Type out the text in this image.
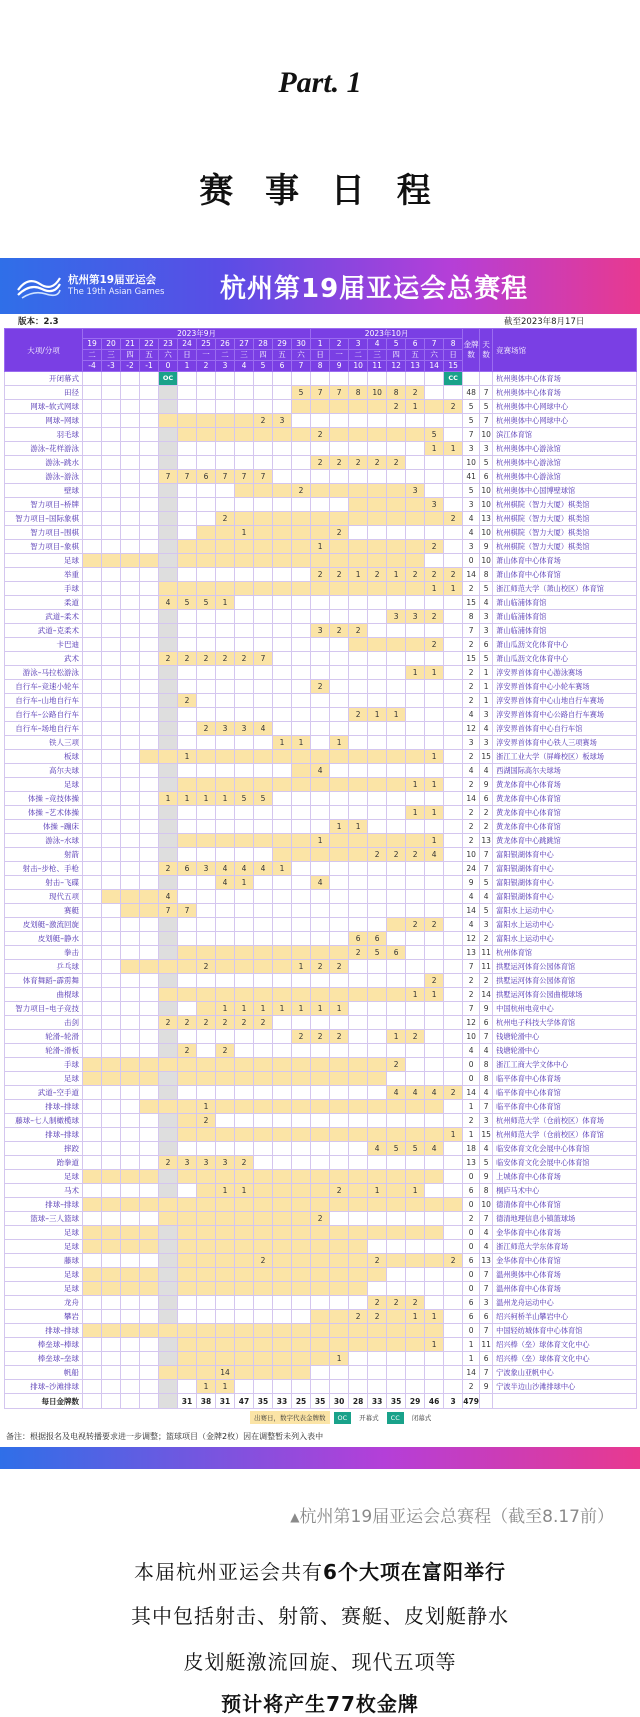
Part. 1
赛 事 日 程
杭州第19届亚运会
The 19th Asian Games 杭州第19届亚运会总赛程
版本：2.3	截至2023年8月17日
大项/分项	2023年9月												2023年10月								金牌数	天数	竞赛场馆
	19	20	21	22	23	24	25	26	27	28	29	30	1	2	3	4	5	6	7	8			
	二	三	四	五	六	日	一	二	三	四	五	六	日	一	二	三	四	五	六	日			
	-4	-3	-2	-1	0	1	2	3	4	5	6	7	8	9	10	11	12	13	14	15			
开闭幕式					OC															CC			杭州奥体中心体育场
田径												5	7	7	8	10	8	2			48	7	杭州奥体中心体育场
网球–软式网球																	2	1		2	5	5	杭州奥体中心网球中心
网球–网球										2	3										5	7	杭州奥体中心网球中心
羽毛球													2						5		7	10	滨江体育馆
游泳–花样游泳																			1	1	3	3	杭州奥体中心游泳馆
游泳–跳水													2	2	2	2	2				10	5	杭州奥体中心游泳馆
游泳–游泳					7	7	6	7	7	7											41	6	杭州奥体中心游泳馆
壁球												2						3			5	10	杭州奥体中心国博壁球馆
智力项目–桥牌																			3		3	10	杭州棋院（智力大厦）棋类馆
智力项目–国际象棋								2												2	4	13	杭州棋院（智力大厦）棋类馆
智力项目–围棋									1					2							4	10	杭州棋院（智力大厦）棋类馆
智力项目–象棋													1						2		3	9	杭州棋院（智力大厦）棋类馆
足球																					0	10	萧山体育中心体育场
举重													2	2	1	2	1	2	2	2	14	8	萧山体育中心体育馆
手球																			1	1	2	5	浙江师范大学（萧山校区）体育馆
柔道					4	5	5	1													15	4	萧山临浦体育馆
武道–柔术																	3	3	2		8	3	萧山临浦体育馆
武道–克柔术													3	2	2						7	3	萧山临浦体育馆
卡巴迪																			2		2	6	萧山瓜沥文化体育中心
武术					2	2	2	2	2	7											15	5	萧山瓜沥文化体育中心
游泳–马拉松游泳																		1	1		2	1	淳安界首体育中心游泳赛场
自行车–竞速小轮车													2								2	1	淳安界首体育中心小轮车赛场
自行车–山地自行车						2															2	1	淳安界首体育中心山地自行车赛场
自行车–公路自行车															2	1	1				4	3	淳安界首体育中心公路自行车赛场
自行车–场地自行车							2	3	3	4											12	4	淳安界首体育中心自行车馆
铁人三项											1	1		1							3	3	淳安界首体育中心铁人三项赛场
板球						1													1		2	15	浙江工业大学（屏峰校区）板球场
高尔夫球													4								4	4	西湖国际高尔夫球场
足球																		1	1		2	9	黄龙体育中心体育场
体操 –竞技体操					1	1	1	1	5	5											14	6	黄龙体育中心体育馆
体操 –艺术体操																		1	1		2	2	黄龙体育中心体育馆
体操 –蹦床														1	1						2	2	黄龙体育中心体育馆
游泳–水球													1						1		2	13	黄龙体育中心跳跳馆
射箭																2	2	2	4		10	7	富阳银湖体育中心
射击–步枪、手枪					2	6	3	4	4	4	1										24	7	富阳银湖体育中心
射击–飞碟								4	1				4								9	5	富阳银湖体育中心
现代五项					4																4	4	富阳银湖体育中心
赛艇					7	7															14	5	富阳水上运动中心
皮划艇–激流回旋																		2	2		4	3	富阳水上运动中心
皮划艇–静水															6	6					12	2	富阳水上运动中心
拳击															2	5	6				13	11	杭州体育馆
乒乓球							2					1	2	2							7	11	拱墅运河体育公园体育馆
体育舞蹈–霹雳舞																			2		2	2	拱墅运河体育公园体育馆
曲棍球																		1	1		2	14	拱墅运河体育公园曲棍球场
智力项目–电子竞技								1	1	1	1	1	1	1							7	9	中国杭州电竞中心
击剑					2	2	2	2	2	2											12	6	杭州电子科技大学体育馆
轮滑–轮滑												2	2	2			1	2			10	7	钱塘轮滑中心
轮滑–滑板						2		2													4	4	钱塘轮滑中心
手球																	2				0	8	浙江工商大学文体中心
足球																					0	8	临平体育中心体育场
武道–空手道																	4	4	4	2	14	4	临平体育中心体育馆
排球–排球							1														1	7	临平体育中心体育馆
藤球–七人制橄榄球							2														2	3	杭州师范大学（仓前校区）体育场
排球–排球																				1	1	15	杭州师范大学（仓前校区）体育馆
摔跤																4	5	5	4		18	4	临安体育文化会展中心体育馆
跆拳道					2	3	3	3	2												13	5	临安体育文化会展中心体育馆
足球																					0	9	上城体育中心体育场
马术								1	1					2		1		1			6	8	桐庐马术中心
排球–排球																					0	10	德清体育中心体育馆
篮球–三人篮球													2								2	7	德清地理信息小镇篮球场
足球																					0	4	金华体育中心体育场
足球																					0	4	浙江师范大学东体育场
藤球										2						2				2	6	13	金华体育中心体育馆
足球																					0	7	温州奥体中心体育场
足球																					0	7	温州体育中心体育场
龙舟																2	2	2			6	3	温州龙舟运动中心
攀岩															2	2		1	1		6	6	绍兴柯桥羊山攀岩中心
排球–排球																					0	7	中国轻纺城体育中心体育馆
棒垒球–棒球																			1		1	11	绍兴棒（垒）球体育文化中心
棒垒球–垒球														1							1	6	绍兴棒（垒）球体育文化中心
帆船								14													14	7	宁波象山亚帆中心
排球–沙滩排球							1	1													2	9	宁波半边山沙滩排球中心
每日金牌数						31	38	31	47	35	33	25	35	30	28	33	35	29	46	3	479		
出赛日，数字代表金牌数 OC 开幕式 CC 闭幕式
备注：根据报名及电视转播要求进一步调整；篮球项目（金牌2枚）因在调整暂未列入表中
▲杭州第19届亚运会总赛程（截至8.17前）
本届杭州亚运会共有6个大项在富阳举行
其中包括射击、射箭、赛艇、皮划艇静水
皮划艇激流回旋、现代五项等
预计将产生77枚金牌
